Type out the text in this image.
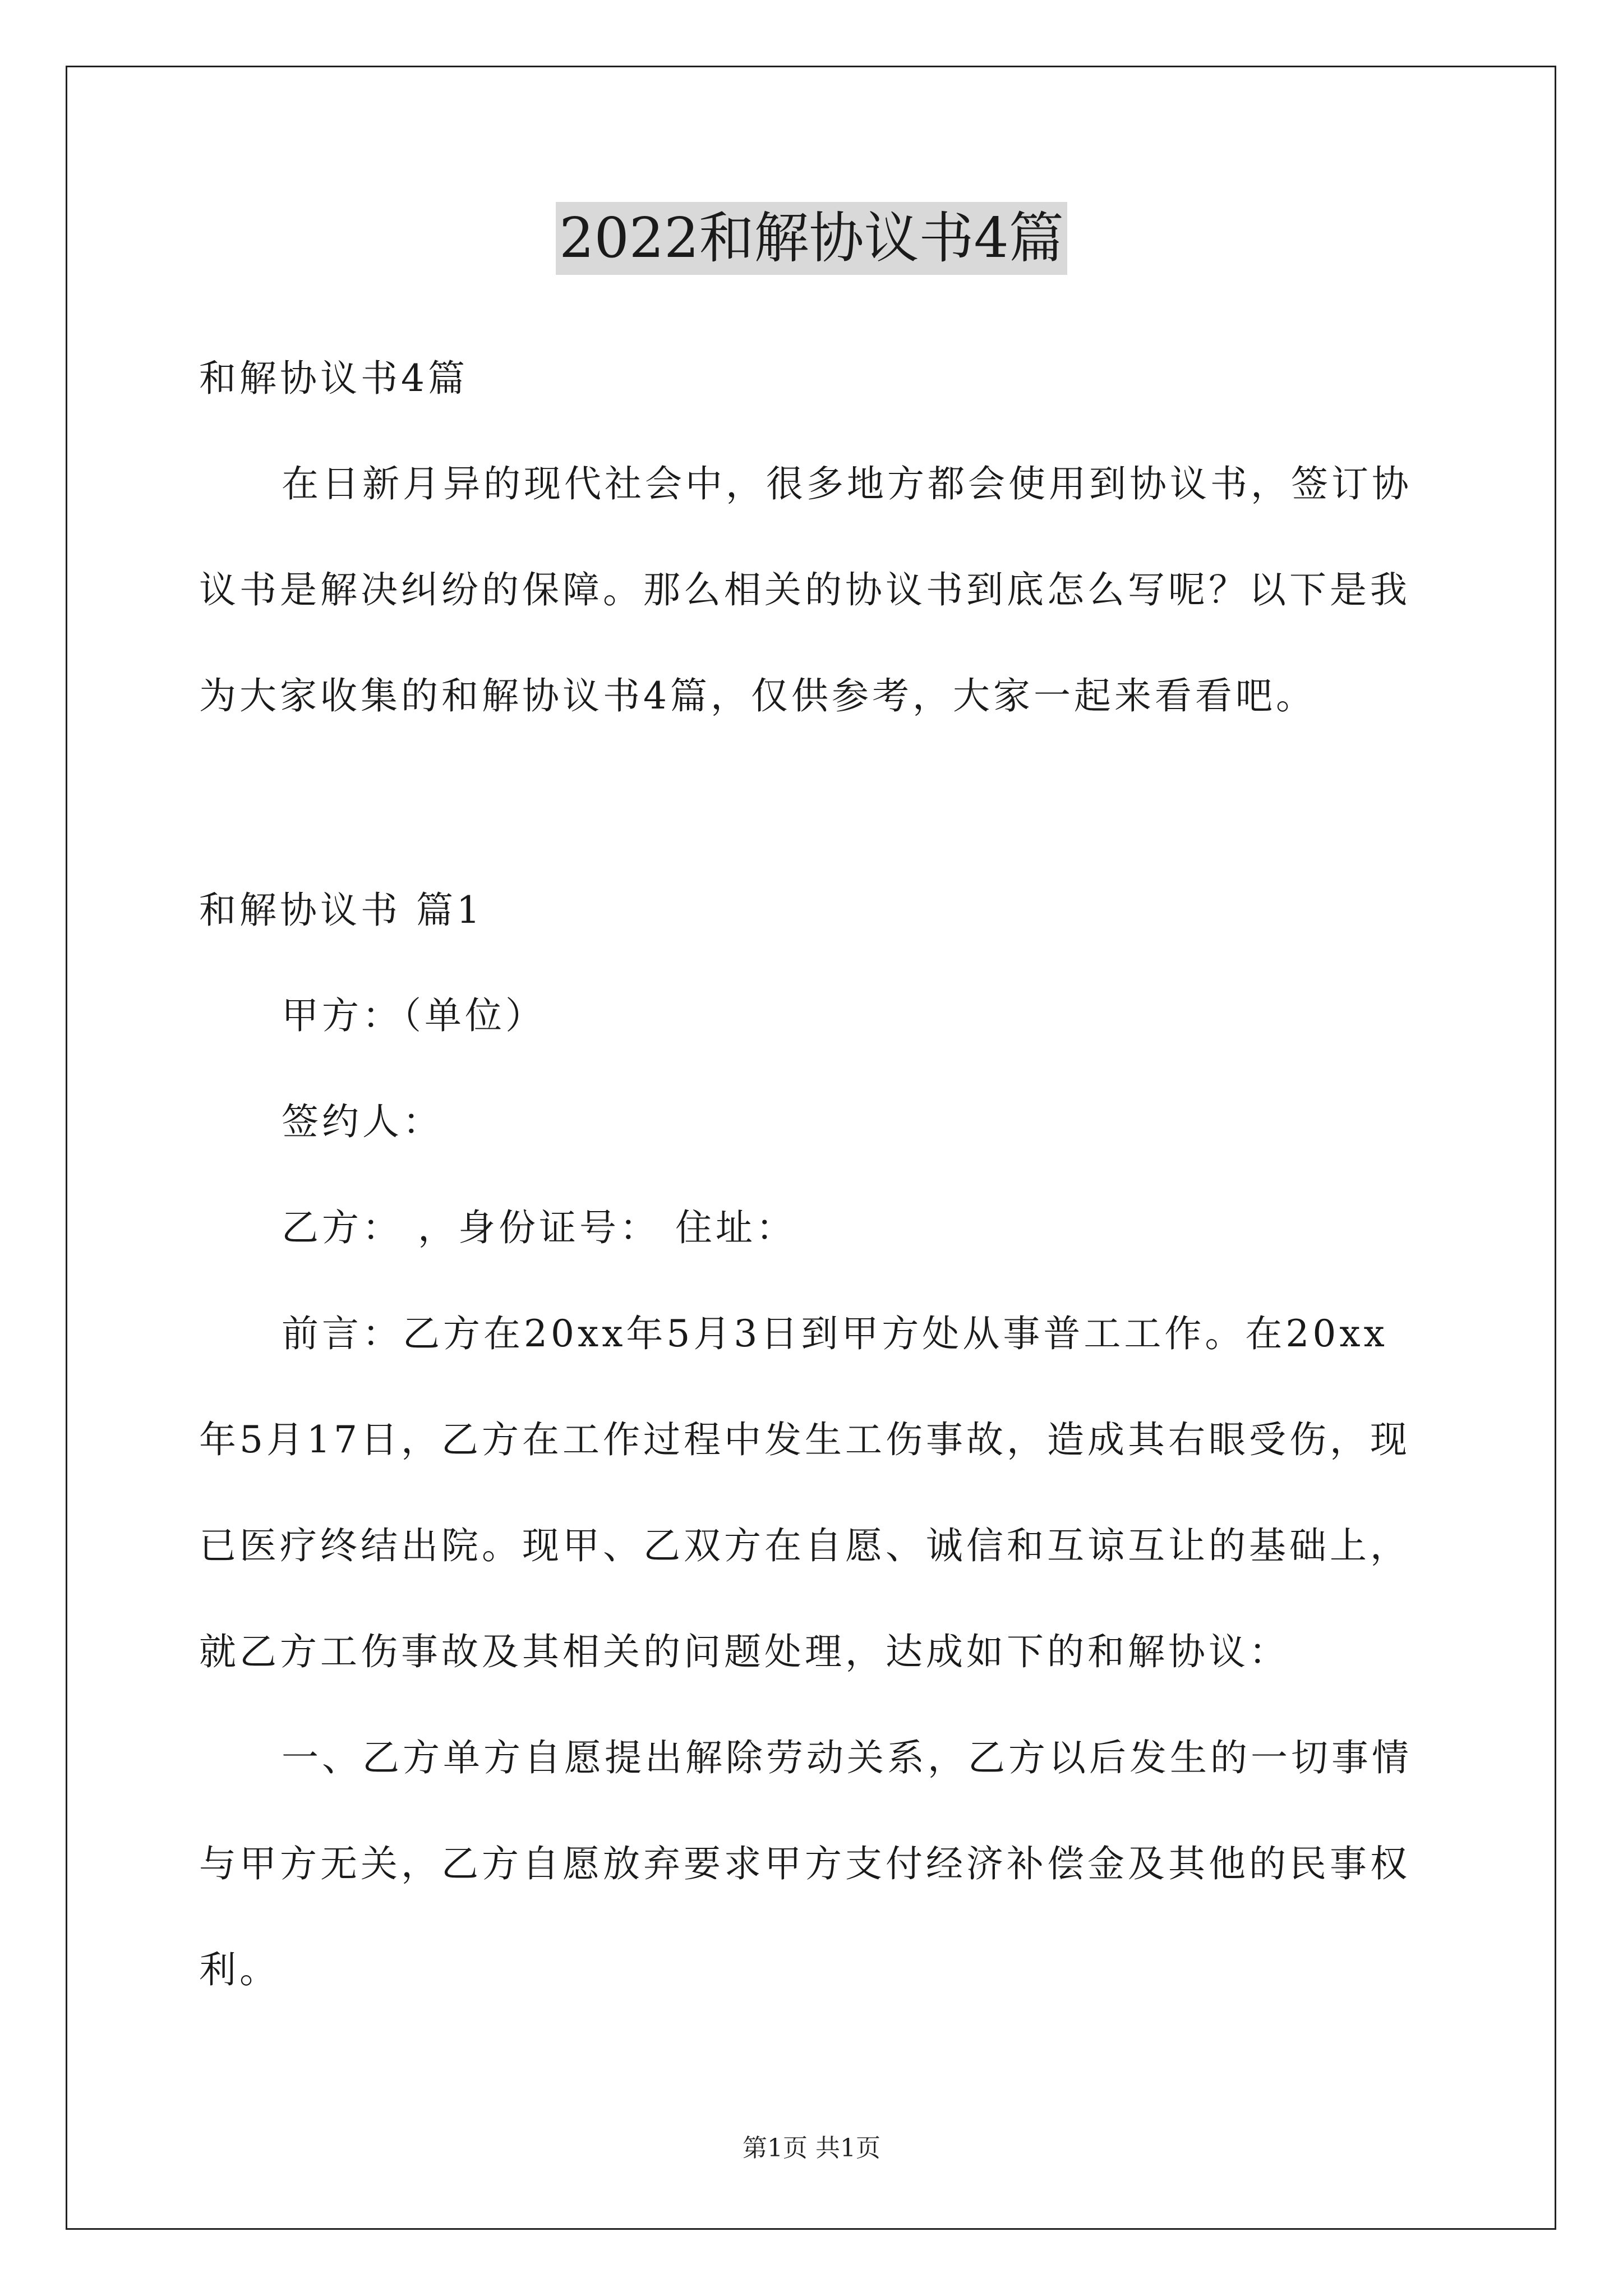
2022和解协议书4篇
和解协议书4篇
在日新月异的现代社会中，很多地方都会使用到协议书，签订协
议书是解决纠纷的保障。那么相关的协议书到底怎么写呢？以下是我
为大家收集的和解协议书4篇，仅供参考，大家一起来看看吧。
和解协议书 篇1
甲方：（单位）
签约人：
乙方： ，身份证号： 住址：
前言：乙方在20xx年5月3日到甲方处从事普工工作。在20xx
年5月17日，乙方在工作过程中发生工伤事故，造成其右眼受伤，现
已医疗终结出院。现甲、乙双方在自愿、诚信和互谅互让的基础上，
就乙方工伤事故及其相关的问题处理，达成如下的和解协议：
一、乙方单方自愿提出解除劳动关系，乙方以后发生的一切事情
与甲方无关，乙方自愿放弃要求甲方支付经济补偿金及其他的民事权
利。
第1页 共1页
